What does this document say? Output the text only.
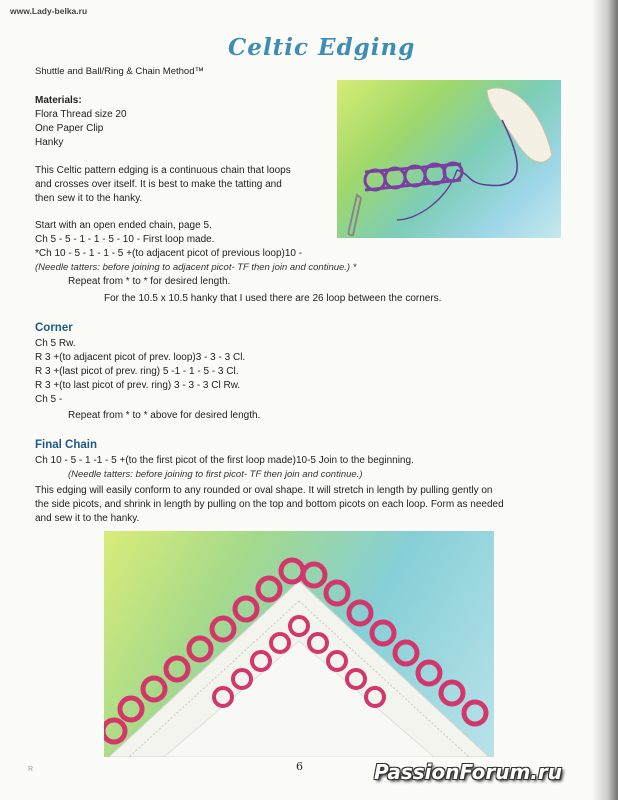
www.Lady-belka.ru
Celtic Edging
Shuttle and Ball/Ring & Chain Method™
Materials:
Flora Thread size 20
One Paper Clip
Hanky
This Celtic pattern edging is a continuous chain that loops
and crosses over itself. It is best to make the tatting and
then sew it to the hanky.
Start with an open ended chain, page 5.
Ch 5 - 5 - 1 - 1 - 5 - 10 - First loop made.
*Ch 10 - 5 - 1 - 1 - 5 +(to adjacent picot of previous loop)10 -
(Needle tatters: before joining to adjacent picot- TF then join and continue.) *
Repeat from * to * for desired length.
For the 10.5 x 10.5 hanky that I used there are 26 loop between the corners.
Corner
Ch 5 Rw.
R 3 +(to adjacent picot of prev. loop)3 - 3 - 3 Cl.
R 3 +(last picot of prev. ring) 5 -1 - 1 - 5 - 3 Cl.
R 3 +(to last picot of prev. ring) 3 - 3 - 3 Cl Rw.
Ch 5 -
Repeat from * to * above for desired length.
Final Chain
Ch 10 - 5 - 1 -1 - 5 +(to the first picot of the first loop made)10-5 Join to the beginning.
(Needle tatters: before joining to first picot- TF then join and continue.)
This edging will easily conform to any rounded or oval shape. It will stretch in length by pulling gently on
the side picots, and shrink in length by pulling on the top and bottom picots on each loop. Form as needed
and sew it to the hanky.
6
R	PassionForum.ru
